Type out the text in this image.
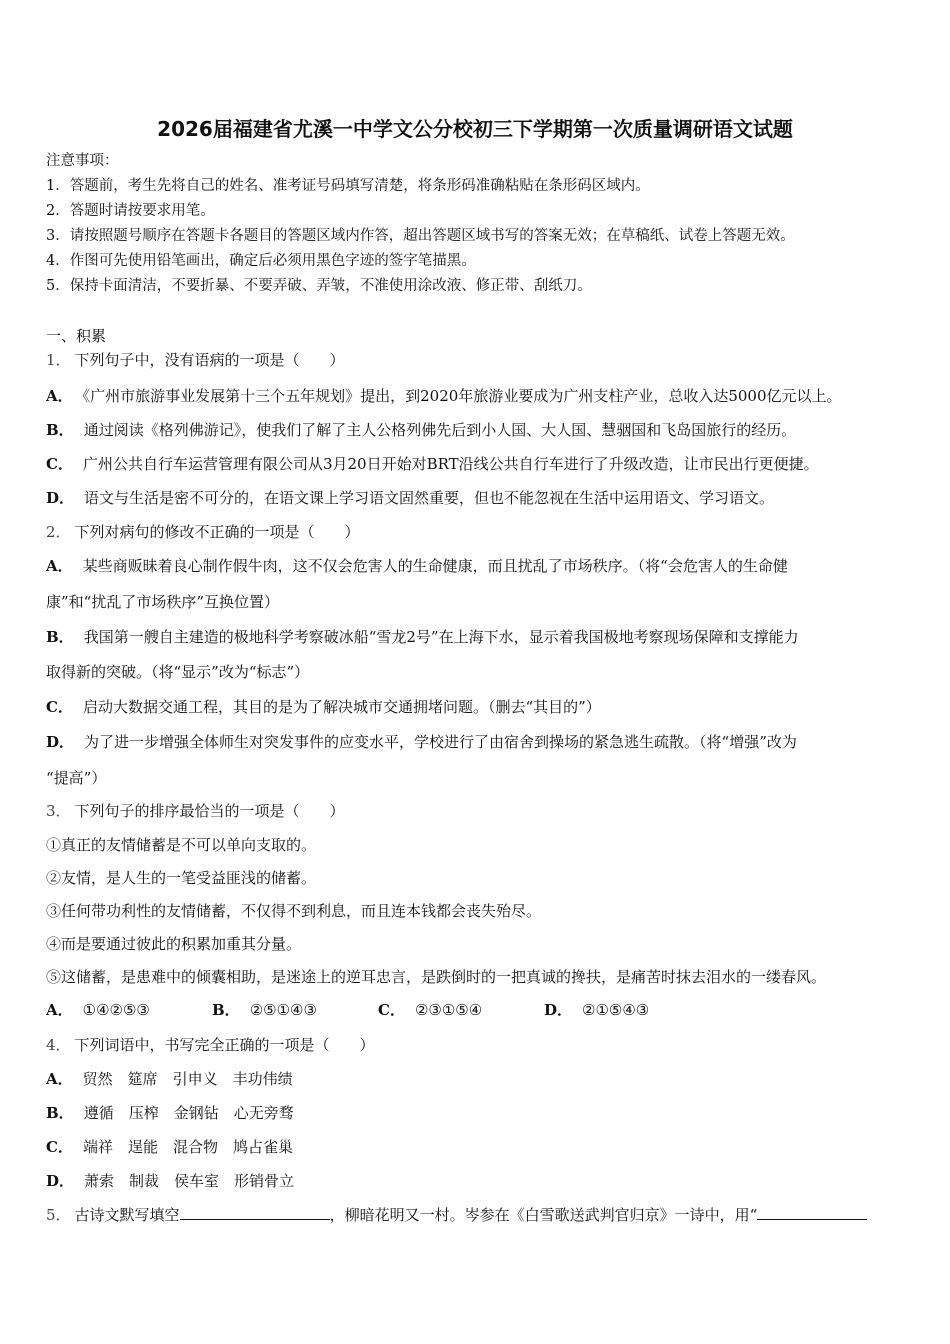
2026届福建省尤溪一中学文公分校初三下学期第一次质量调研语文试题
注意事项：
1．答题前，考生先将自己的姓名、准考证号码填写清楚，将条形码准确粘贴在条形码区域内。
2．答题时请按要求用笔。
3．请按照题号顺序在答题卡各题目的答题区域内作答，超出答题区域书写的答案无效；在草稿纸、试卷上答题无效。
4．作图可先使用铅笔画出，确定后必须用黑色字迹的签字笔描黑。
5．保持卡面清洁，不要折暴、不要弄破、弄皱，不准使用涂改液、修正带、刮纸刀。
一、积累
1． 下列句子中，没有语病的一项是（　　）
A． 《广州市旅游事业发展第十三个五年规划》提出，到2020年旅游业要成为广州支柱产业，总收入达5000亿元以上。
B． 通过阅读《格列佛游记》，使我们了解了主人公格列佛先后到小人国、大人国、慧骃国和飞岛国旅行的经历。
C． 广州公共自行车运营管理有限公司从3月20日开始对BRT沿线公共自行车进行了升级改造，让市民出行更便捷。
D． 语文与生活是密不可分的，在语文课上学习语文固然重要，但也不能忽视在生活中运用语文、学习语文。
2． 下列对病句的修改不正确的一项是（　　）
A． 某些商贩昧着良心制作假牛肉，这不仅会危害人的生命健康，而且扰乱了市场秩序。（将“会危害人的生命健
康”和“扰乱了市场秩序”互换位置）
B． 我国第一艘自主建造的极地科学考察破冰船“雪龙2号”在上海下水，显示着我国极地考察现场保障和支撑能力
取得新的突破。（将“显示”改为“标志”）
C． 启动大数据交通工程，其目的是为了解决城市交通拥堵问题。（删去“其目的”）
D． 为了进一步增强全体师生对突发事件的应变水平，学校进行了由宿舍到操场的紧急逃生疏散。（将“增强”改为
“提高”）
3． 下列句子的排序最恰当的一项是（　　）
①真正的友情储蓄是不可以单向支取的。
②友情，是人生的一笔受益匪浅的储蓄。
③任何带功利性的友情储蓄，不仅得不到利息，而且连本钱都会丧失殆尽。
④而是要通过彼此的积累加重其分量。
⑤这储蓄，是患难中的倾囊相助，是迷途上的逆耳忠言，是跌倒时的一把真诚的搀扶，是痛苦时抹去泪水的一缕春风。
A． ①④②⑤③	B． ②⑤①④③	C． ②③①⑤④	D． ②①⑤④③
4． 下列词语中，书写完全正确的一项是（　　）
A． 贸然　筵席　引申义　丰功伟绩
B． 遵循　压榨　金钢钻　心无旁骛
C． 端祥　逞能　混合物　鸠占雀巢
D． 萧索　制裁　侯车室　形销骨立
5． 古诗文默写填空	，柳暗花明又一村。岑参在《白雪歌送武判官归京》一诗中，用“
